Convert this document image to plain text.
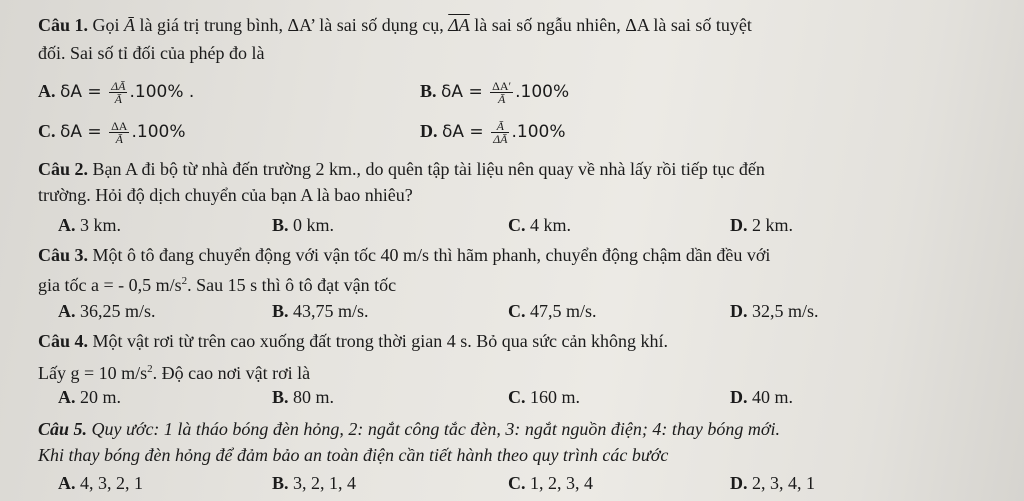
Câu 1. Gọi Ā là giá trị trung bình, ΔA’ là sai số dụng cụ, $\overline{\Delta A}$ là sai số ngẫu nhiên, ΔA là sai số tuyệt
đối. Sai số tỉ đối của phép đo là
A. $\delta A = \frac{\Delta Ā}{Ā} .100\%$ .	B. $\delta A = \frac{\Delta A'}{Ā} .100\%$
C. $\delta A = \frac{\Delta A}{Ā} .100\%$	D. $\delta A = \frac{Ā}{\Delta Ā} .100\%$
Câu 2. Bạn A đi bộ từ nhà đến trường 2 km., do quên tập tài liệu nên quay về nhà lấy rồi tiếp tục đến
trường. Hỏi độ dịch chuyển của bạn A là bao nhiêu?
A. 3 km.	B. 0 km.	C. 4 km.	D. 2 km.
Câu 3. Một ô tô đang chuyển động với vận tốc 40 m/s thì hãm phanh, chuyển động chậm dần đều với
gia tốc a = - 0,5 $m/s^2$. Sau 15 s thì ô tô đạt vận tốc
A. 36,25 m/s.	B. 43,75 m/s.	C. 47,5 m/s.	D. 32,5 m/s.
Câu 4. Một vật rơi từ trên cao xuống đất trong thời gian 4 s. Bỏ qua sức cản không khí.
Lấy g = 10 $m/s^2$. Độ cao nơi vật rơi là
A. 20 m.	B. 80 m.	C. 160 m.	D. 40 m.
Câu 5. Quy ước: 1 là tháo bóng đèn hỏng, 2: ngắt công tắc đèn, 3: ngắt nguồn điện; 4: thay bóng mới.
Khi thay bóng đèn hỏng để đảm bảo an toàn điện cần tiết hành theo quy trình các bước
A. 4, 3, 2, 1	B. 3, 2, 1, 4	C. 1, 2, 3, 4	D. 2, 3, 4, 1
